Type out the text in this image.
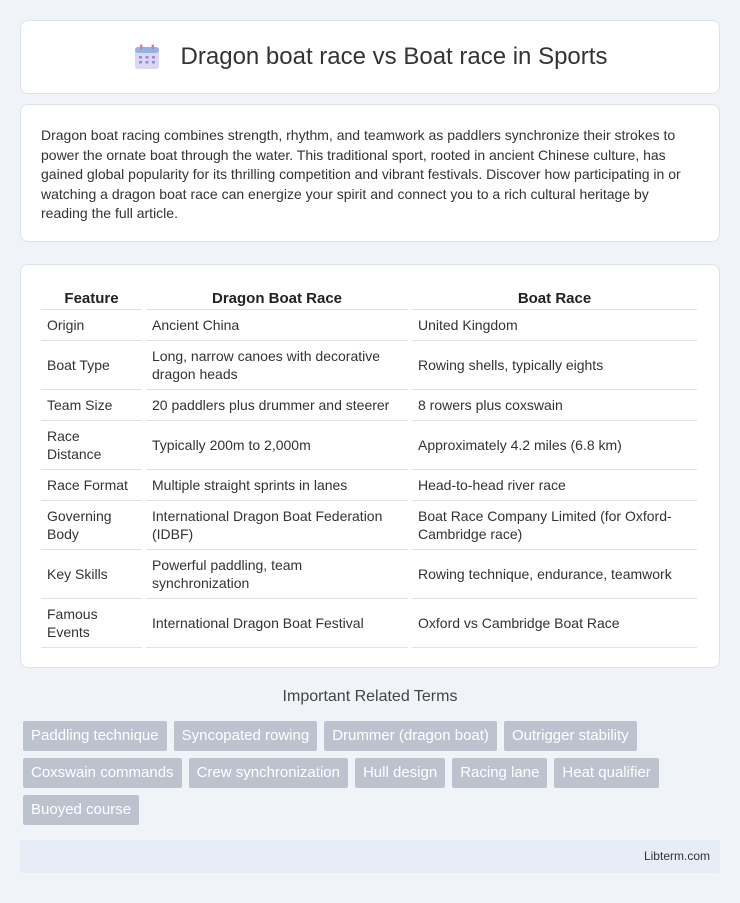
Dragon boat race vs Boat race in Sports

Dragon boat racing combines strength, rhythm, and teamwork as paddlers synchronize their strokes to power the ornate boat through the water. This traditional sport, rooted in ancient Chinese culture, has gained global popularity for its thrilling competition and vibrant festivals. Discover how participating in or watching a dragon boat race can energize your spirit and connect you to a rich cultural heritage by reading the full article.

Feature		Dragon Boat Race		Boat Race
Origin		Ancient China		United Kingdom
Boat Type		Long, narrow canoes with decorative dragon heads		Rowing shells, typically eights
Team Size		20 paddlers plus drummer and steerer		8 rowers plus coxswain
Race Distance		Typically 200m to 2,000m		Approximately 4.2 miles (6.8 km)
Race Format		Multiple straight sprints in lanes		Head-to-head river race
Governing Body		International Dragon Boat Federation (IDBF)		Boat Race Company Limited (for Oxford-Cambridge race)
Key Skills		Powerful paddling, team synchronization		Rowing technique, endurance, teamwork
Famous Events		International Dragon Boat Festival		Oxford vs Cambridge Boat Race
Important Related Terms
Paddling technique	Syncopated rowing	Drummer (dragon boat)	Outrigger stability
Coxswain commands	Crew synchronization	Hull design	Racing lane	Heat qualifier
Buoyed course
Libterm.com
